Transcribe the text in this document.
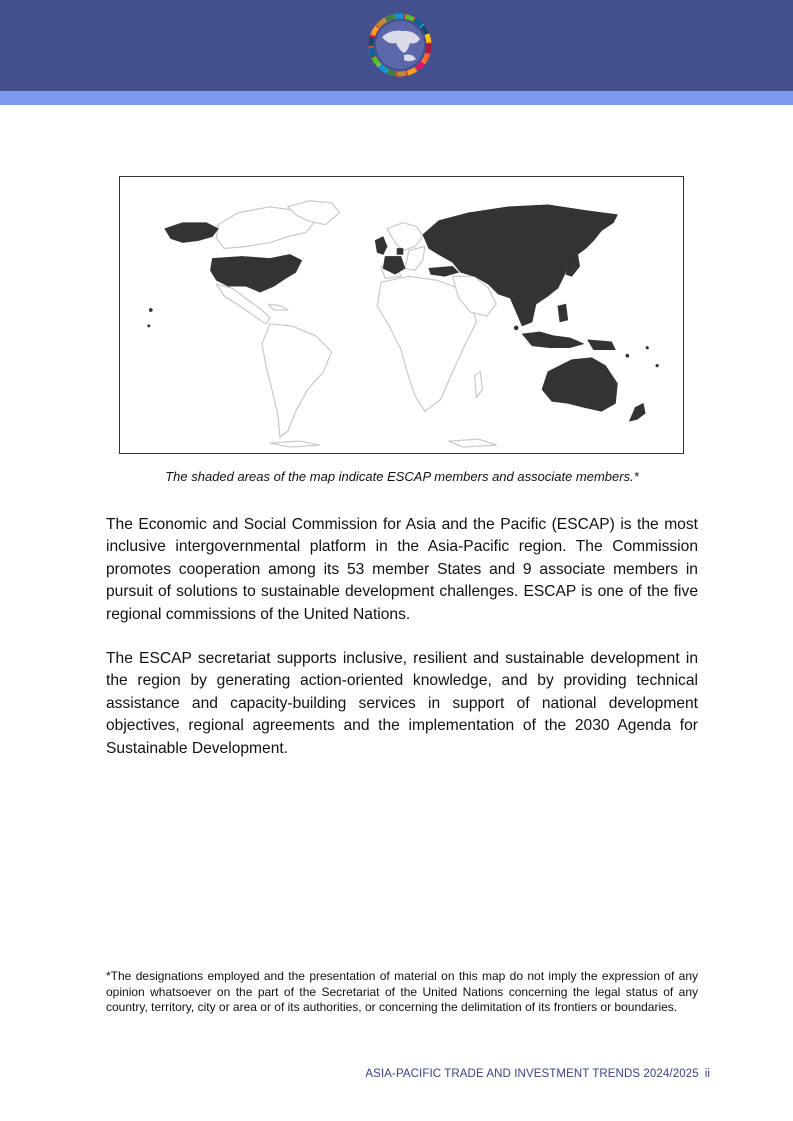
The shaded areas of the map indicate ESCAP members and associate members.*

The Economic and Social Commission for Asia and the Pacific (ESCAP) is the most inclusive intergovernmental platform in the Asia-Pacific region. The Commission promotes cooperation among its 53 member States and 9 associate members in pursuit of solutions to sustainable development challenges. ESCAP is one of the five regional commissions of the United Nations.

The ESCAP secretariat supports inclusive, resilient and sustainable development in the region by generating action-oriented knowledge, and by providing technical assistance and capacity-building services in support of national development objectives, regional agreements and the implementation of the 2030 Agenda for Sustainable Development.

*The designations employed and the presentation of material on this map do not imply the expression of any opinion whatsoever on the part of the Secretariat of the United Nations concerning the legal status of any country, territory, city or area or of its authorities, or concerning the delimitation of its frontiers or boundaries.

ASIA-PACIFIC TRADE AND INVESTMENT TRENDS 2024/2025 ii
